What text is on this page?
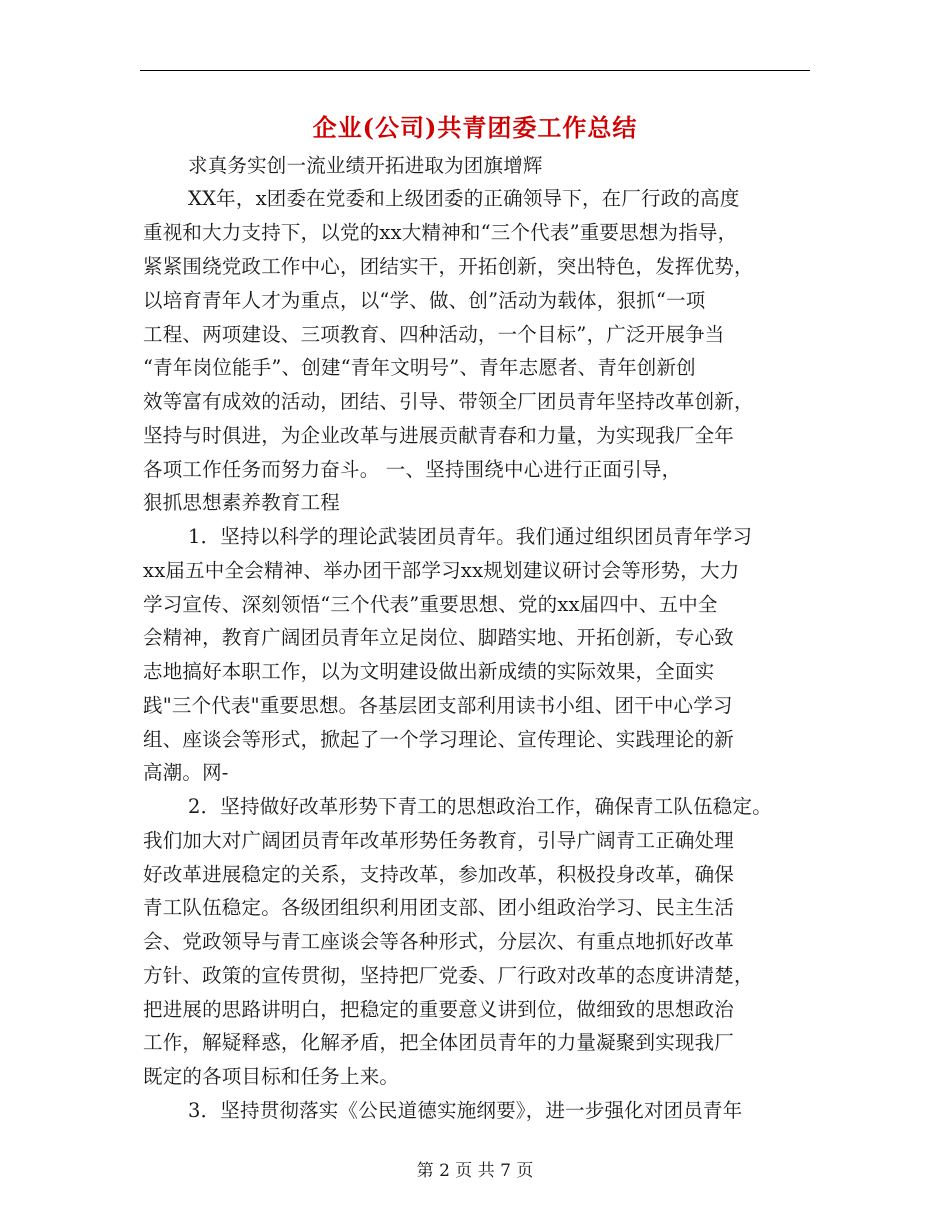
企业(公司)共青团委工作总结
求真务实创一流业绩开拓进取为团旗增辉
XX年，x团委在党委和上级团委的正确领导下，在厂行政的高度
重视和大力支持下，以党的xx大精神和“三个代表”重要思想为指导，
紧紧围绕党政工作中心，团结实干，开拓创新，突出特色，发挥优势，
以培育青年人才为重点，以“学、做、创”活动为载体，狠抓“一项
工程、两项建设、三项教育、四种活动，一个目标”，广泛开展争当
“青年岗位能手”、创建“青年文明号”、青年志愿者、青年创新创
效等富有成效的活动，团结、引导、带领全厂团员青年坚持改革创新，
坚持与时俱进，为企业改革与进展贡献青春和力量，为实现我厂全年
各项工作任务而努力奋斗。 一、坚持围绕中心进行正面引导，
狠抓思想素养教育工程
1．坚持以科学的理论武装团员青年。我们通过组织团员青年学习
xx届五中全会精神、举办团干部学习xx规划建议研讨会等形势，大力
学习宣传、深刻领悟“三个代表”重要思想、党的xx届四中、五中全
会精神，教育广阔团员青年立足岗位、脚踏实地、开拓创新，专心致
志地搞好本职工作，以为文明建设做出新成绩的实际效果，全面实
践"三个代表"重要思想。各基层团支部利用读书小组、团干中心学习
组、座谈会等形式，掀起了一个学习理论、宣传理论、实践理论的新
高潮。网-
2．坚持做好改革形势下青工的思想政治工作，确保青工队伍稳定。
我们加大对广阔团员青年改革形势任务教育，引导广阔青工正确处理
好改革进展稳定的关系，支持改革，参加改革，积极投身改革，确保
青工队伍稳定。各级团组织利用团支部、团小组政治学习、民主生活
会、党政领导与青工座谈会等各种形式，分层次、有重点地抓好改革
方针、政策的宣传贯彻，坚持把厂党委、厂行政对改革的态度讲清楚，
把进展的思路讲明白，把稳定的重要意义讲到位，做细致的思想政治
工作，解疑释惑，化解矛盾，把全体团员青年的力量凝聚到实现我厂
既定的各项目标和任务上来。
3．坚持贯彻落实《公民道德实施纲要》，进一步强化对团员青年
第 2 页 共 7 页
